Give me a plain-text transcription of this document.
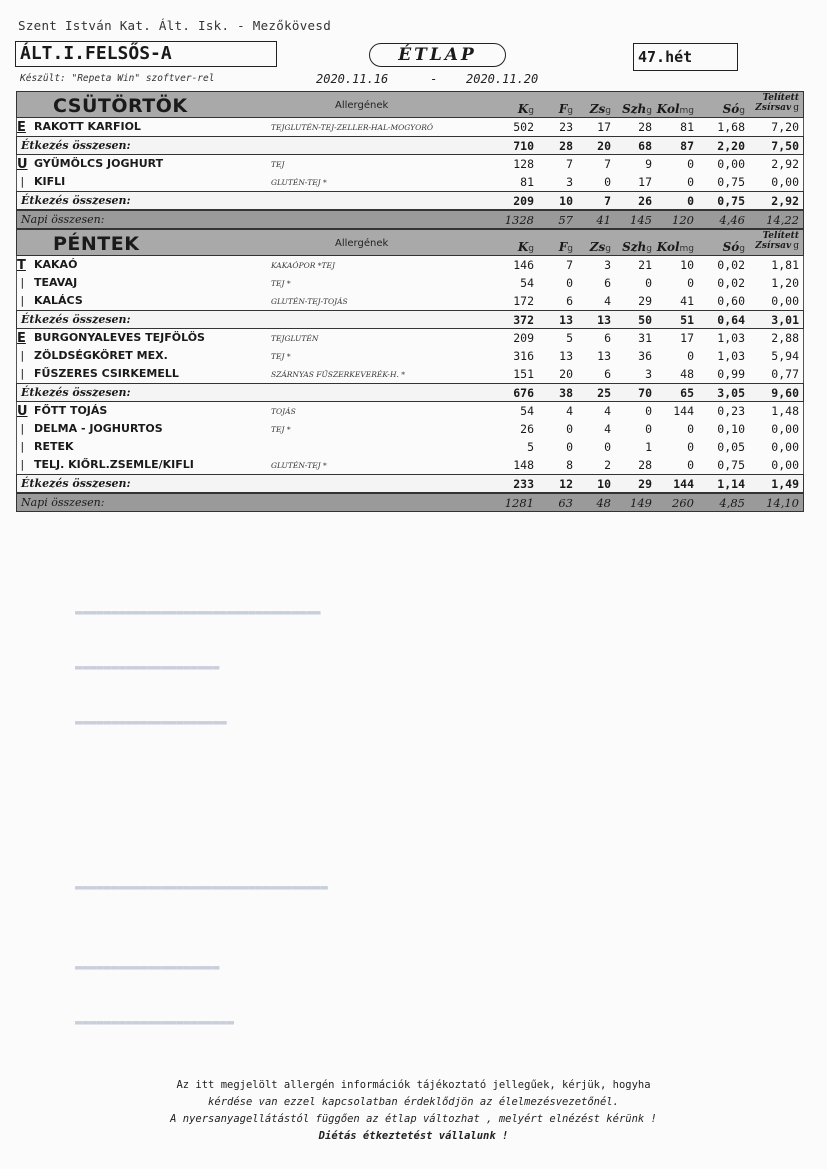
▬▬▬▬▬▬▬▬▬▬▬▬▬▬▬▬▬▬▬▬▬▬▬▬▬▬▬▬▬▬▬▬▬▬
▬▬▬▬▬▬▬▬▬▬▬▬▬▬▬▬▬▬▬▬
▬▬▬▬▬▬▬▬▬▬▬▬▬▬▬▬▬▬▬▬▬
▬▬▬▬▬▬▬▬▬▬▬▬▬▬▬▬▬▬▬▬▬▬▬▬▬▬▬▬▬▬▬▬▬▬▬
▬▬▬▬▬▬▬▬▬▬▬▬▬▬▬▬▬▬▬▬
▬▬▬▬▬▬▬▬▬▬▬▬▬▬▬▬▬▬▬▬▬▬
Szent István Kat. Ált. Isk. - Mezőkövesd
ÁLT.I.FELSŐS-A	ÉTLAP	47.hét
Készült: "Repeta Win" szoftver-rel	2020.11.16	- 2020.11.20
CSÜTÖRTÖK	Allergének	Kg Fg Zsg Szhg Kolmg Sóg
Telített
Zsírsav g
E RAKOTT KARFIOL	TEJGLUTÉN-TEJ-ZELLER-HAL-MOGYORÓ	502 23 17 28 81 1,68 7,20
Étkezés összesen:	710 28 20 68 87 2,20 7,50
U GYÜMÖLCS JOGHURT	TEJ	128	7	7	9	0 0,00 2,92
| KIFLI	GLUTÉN-TEJ *	81	3	0 17	0 0,75 0,00
Étkezés összesen:	209 10	7 26	0 0,75 2,92
Napi összesen:	1328 57 41 145 120 4,46 14,22
PÉNTEK	Allergének	Kg Fg Zsg Szhg Kolmg Sóg
Telített
Zsírsav g
T KAKAÓ	KAKAÓPOR *TEJ	146	7	3 21 10 0,02 1,81
| TEAVAJ	TEJ *	54	0	6	0	0 0,02 1,20
| KALÁCS	GLUTÉN-TEJ-TOJÁS	172	6	4 29 41 0,60 0,00
Étkezés összesen:	372 13 13 50 51 0,64 3,01
E BURGONYALEVES TEJFÖLÖS	TEJGLUTÉN	209	5	6 31 17 1,03 2,88
| ZÖLDSÉGKÖRET MEX.	TEJ *	316 13 13 36	0 1,03 5,94
| FŰSZERES CSIRKEMELL	SZÁRNYAS FŰSZERKEVERÉK-H. *	151 20	6	3 48 0,99 0,77
Étkezés összesen:	676 38 25 70 65 3,05 9,60
U FŐTT TOJÁS	TOJÁS	54	4	4	0 144 0,23 1,48
| DELMA - JOGHURTOS	TEJ *	26	0	4	0	0 0,10 0,00
| RETEK	5	0	0	1	0 0,05 0,00
| TELJ. KIŐRL.ZSEMLE/KIFLI	GLUTÉN-TEJ *	148	8	2 28	0 0,75 0,00
Étkezés összesen:	233 12 10 29 144 1,14 1,49
Napi összesen:	1281 63 48 149 260 4,85 14,10
Az itt megjelölt allergén információk tájékoztató jellegűek, kérjük, hogyha
kérdése van ezzel kapcsolatban érdeklődjön az élelmezésvezetőnél.
A nyersanyagellátástól függően az étlap változhat , melyért elnézést kérünk !
Diétás étkeztetést vállalunk !
